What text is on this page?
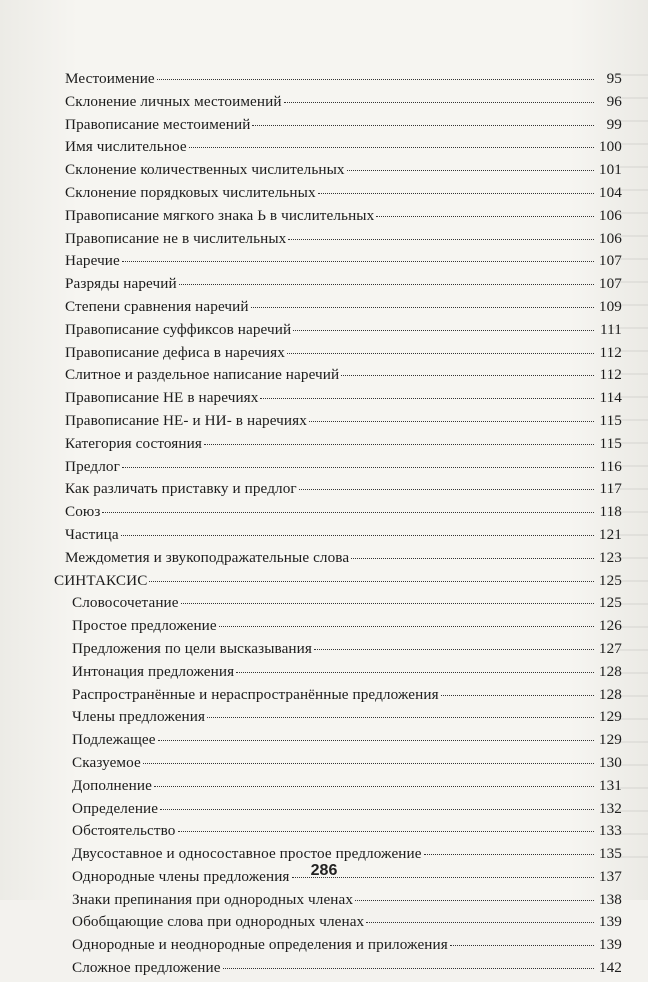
Местоимение	95
Склонение личных местоимений	96
Правописание местоимений	99
Имя числительное	100
Склонение количественных числительных	101
Склонение порядковых числительных	104
Правописание мягкого знака Ь в числительных	106
Правописание не в числительных	106
Наречие	107
Разряды наречий	107
Степени сравнения наречий	109
Правописание суффиксов наречий	111
Правописание дефиса в наречиях	112
Слитное и раздельное написание наречий	112
Правописание НЕ в наречиях	114
Правописание НЕ- и НИ- в наречиях	115
Категория состояния	115
Предлог	116
Как различать приставку и предлог	117
Союз	118
Частица	121
Междометия и звукоподражательные слова	123
СИНТАКСИС	125
Словосочетание	125
Простое предложение	126
Предложения по цели высказывания	127
Интонация предложения	128
Распространённые и нераспространённые предложения	128
Члены предложения	129
Подлежащее	129
Сказуемое	130
Дополнение	131
Определение	132
Обстоятельство	133
Двусоставное и односоставное простое предложение	135
Однородные члены предложения	137
Знаки препинания при однородных членах	138
Обобщающие слова при однородных членах	139
Однородные и неоднородные определения и приложения	139
Сложное предложение	142
286
